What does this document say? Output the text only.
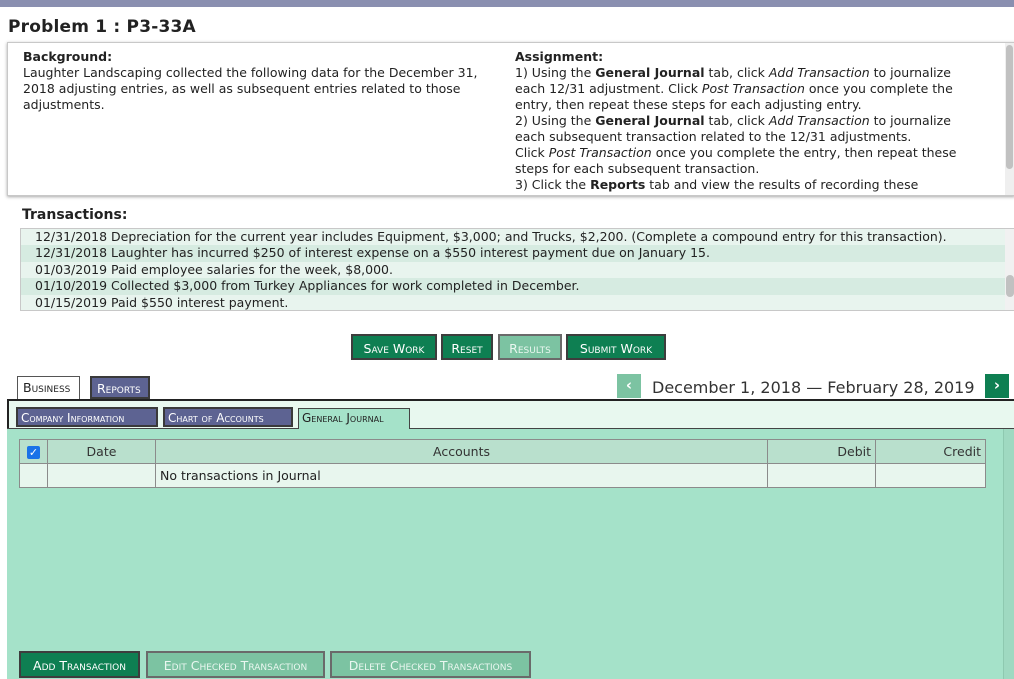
Problem 1 : P3-33A
Background:
Laughter Landscaping collected the following data for the December 31, 2018 adjusting entries, as well as subsequent entries related to those adjustments.
Assignment:
1) Using the General Journal tab, click Add Transaction to journalize each 12/31 adjustment. Click Post Transaction once you complete the entry, then repeat these steps for each adjusting entry.
2) Using the General Journal tab, click Add Transaction to journalize each subsequent transaction related to the 12/31 adjustments.
Click Post Transaction once you complete the entry, then repeat these steps for each subsequent transaction.
3) Click the Reports tab and view the results of recording these
Transactions:
12/31/2018 Depreciation for the current year includes Equipment, $3,000; and Trucks, $2,200. (Complete a compound entry for this transaction).
12/31/2018 Laughter has incurred $250 of interest expense on a $550 interest payment due on January 15.
01/03/2019 Paid employee salaries for the week, $8,000.
01/10/2019 Collected $3,000 from Turkey Appliances for work completed in December.
01/15/2019 Paid $550 interest payment.
Save Work	Reset	Results	Submit Work
Business	Reports	‹	December 1, 2018 — February 28, 2019	›
Company Information	Chart of Accounts	General Journal
✓	Date	Accounts	Debit	Credit
		No transactions in Journal		
Add Transaction	Edit Checked Transaction	Delete Checked Transactions
